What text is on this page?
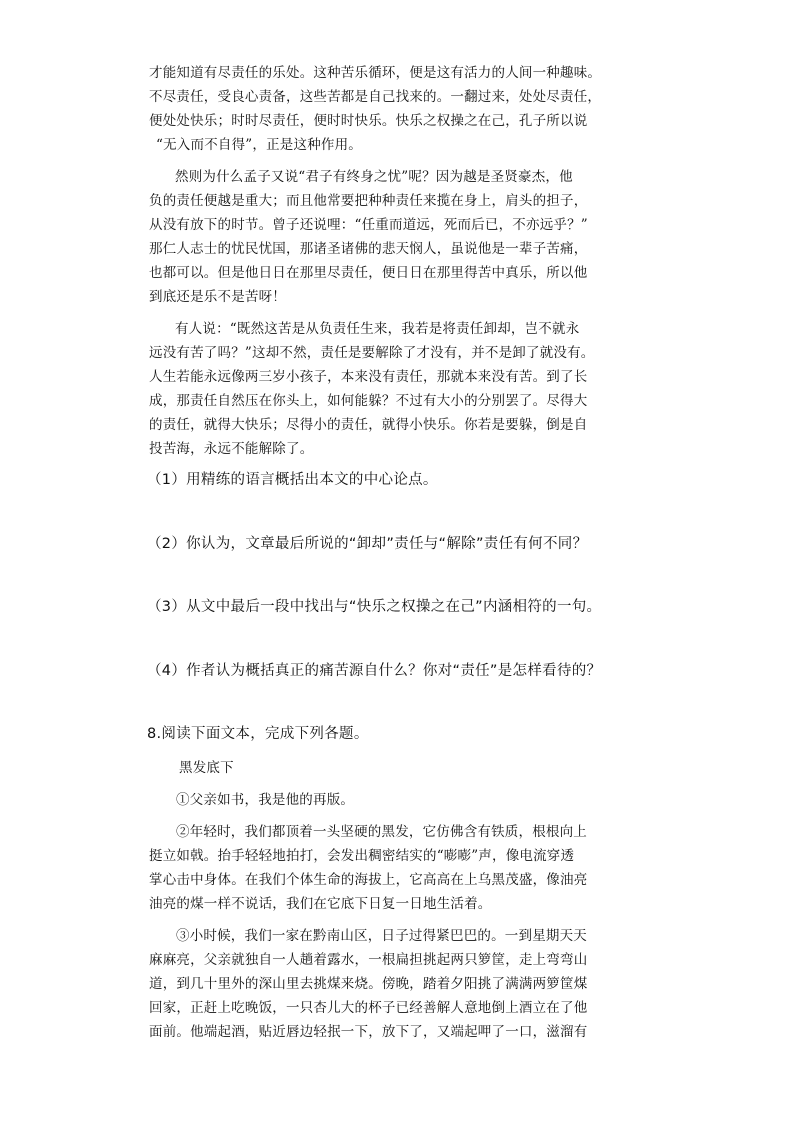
才能知道有尽责任的乐处。这种苦乐循环，便是这有活力的人间一种趣味。
不尽责任，受良心责备，这些苦都是自己找来的。一翻过来，处处尽责任，
便处处快乐；时时尽责任，便时时快乐。快乐之权操之在己，孔子所以说
“无入而不自得”，正是这种作用。
然则为什么孟子又说“君子有终身之忧”呢？因为越是圣贤豪杰，他
负的责任便越是重大；而且他常要把种种责任来揽在身上，肩头的担子，
从没有放下的时节。曾子还说哩：“任重而道远，死而后已，不亦远乎？”
那仁人志士的忧民忧国，那诸圣诸佛的悲天悯人，虽说他是一辈子苦痛，
也都可以。但是他日日在那里尽责任，便日日在那里得苦中真乐，所以他
到底还是乐不是苦呀！
有人说：“既然这苦是从负责任生来，我若是将责任卸却，岂不就永
远没有苦了吗？”这却不然，责任是要解除了才没有，并不是卸了就没有。
人生若能永远像两三岁小孩子，本来没有责任，那就本来没有苦。到了长
成，那责任自然压在你头上，如何能躲？不过有大小的分别罢了。尽得大
的责任，就得大快乐；尽得小的责任，就得小快乐。你若是要躲，倒是自
投苦海，永远不能解除了。
（1）用精练的语言概括出本文的中心论点。
（2）你认为，文章最后所说的“卸却”责任与“解除”责任有何不同？
（3）从文中最后一段中找出与“快乐之权操之在己”内涵相符的一句。
（4）作者认为概括真正的痛苦源自什么？你对“责任”是怎样看待的？
8.阅读下面文本，完成下列各题。
黑发底下
①父亲如书，我是他的再版。
②年轻时，我们都顶着一头坚硬的黑发，它仿佛含有铁质，根根向上
挺立如戟。抬手轻轻地拍打，会发出稠密结实的“嘭嘭”声，像电流穿透
掌心击中身体。在我们个体生命的海拔上，它高高在上乌黑茂盛，像油亮
油亮的煤一样不说话，我们在它底下日复一日地生活着。
③小时候，我们一家在黔南山区，日子过得紧巴巴的。一到星期天天
麻麻亮，父亲就独自一人趟着露水，一根扁担挑起两只箩筐，走上弯弯山
道，到几十里外的深山里去挑煤来烧。傍晚，踏着夕阳挑了满满两箩筐煤
回家，正赶上吃晚饭，一只杏儿大的杯子已经善解人意地倒上酒立在了他
面前。他端起酒，贴近唇边轻抿一下，放下了，又端起呷了一口，滋溜有
